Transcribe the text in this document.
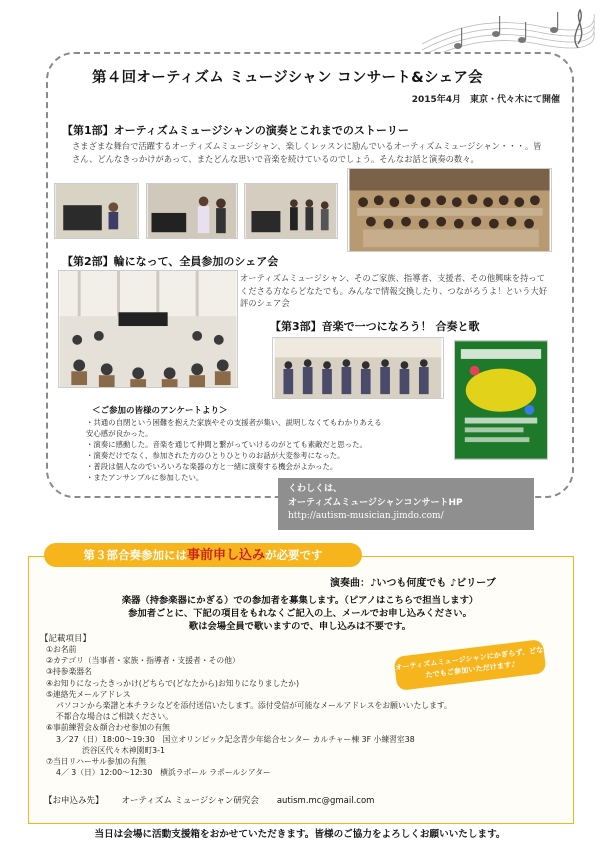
第４回オーティズム ミュージシャン コンサート&シェア会
2015年4月　東京・代々木にて開催
【第1部】オーティズムミュージシャンの演奏とこれまでのストーリー
さまざまな舞台で活躍するオーティズムミュージシャン、楽しくレッスンに励んでいるオーティズムミュージシャン・・・。皆さん、どんなきっかけがあって、またどんな思いで音楽を続けているのでしょう。そんなお話と演奏の数々。
【第2部】輪になって、全員参加のシェア会
オーティズムミュージシャン、そのご家族、指導者、支援者、その他興味を持ってくださる方ならどなたでも。みんなで情報交換したり、つながろうよ！という大好評のシェア会
【第3部】音楽で一つになろう！ 合奏と歌
＜ご参加の皆様のアンケートより＞
・共通の自閉という困難を抱えた家族やその支援者が集い、説明しなくてもわかりあえる
安心感が良かった。
・演奏に感動した。音楽を通じて仲間と繋がっていけるのがとても素敵だと思った。
・演奏だけでなく、参加された方のひとりひとりのお話が大変参考になった。
・普段は個人なのでいろいろな楽器の方と一緒に演奏する機会がよかった。
・またアンサンブルに参加したい。
くわしくは、
オーティズムミュージシャンコンサートHP
http://autism-musician.jimdo.com/
第３部合奏参加には事前申し込みが必要です
演奏曲：♪いつも何度でも ♪ビリーブ
楽器（持参楽器にかぎる）での参加者を募集します。（ピアノはこちらで担当します）
参加者ごとに、下記の項目をもれなくご記入の上、メールでお申し込みください。
歌は会場全員で歌いますので、申し込みは不要です。
【記載項目】
①お名前
②カテゴリ（当事者・家族・指導者・支援者・その他）
③持参楽器名
④お知りになったきっかけ(どちらで(どなたから)お知りになりましたか)
⑤連絡先メールアドレス
パソコンから楽譜と本チラシなどを添付送信いたします。添付受信が可能なメールアドレスをお願いいたします。
不都合な場合はご相談ください。
⑥事前練習会＆顔合わせ参加の有無
3／27（日）18:00～19:30　国立オリンピック記念青少年総合センター カルチャー棟 3F 小練習室38
渋谷区代々木神園町3-1
⑦当日リハーサル参加の有無
4／ 3（日）12:00～12:30　横浜ラポール ラポールシアター
オーティズムミュージシャンにかぎらず、どなたでもご参加いただけます♪
【お申込み先】 オーティズム ミュージシャン研究会 autism.mc@gmail.com
当日は会場に活動支援箱をおかせていただきます。皆様のご協力をよろしくお願いいたします。
